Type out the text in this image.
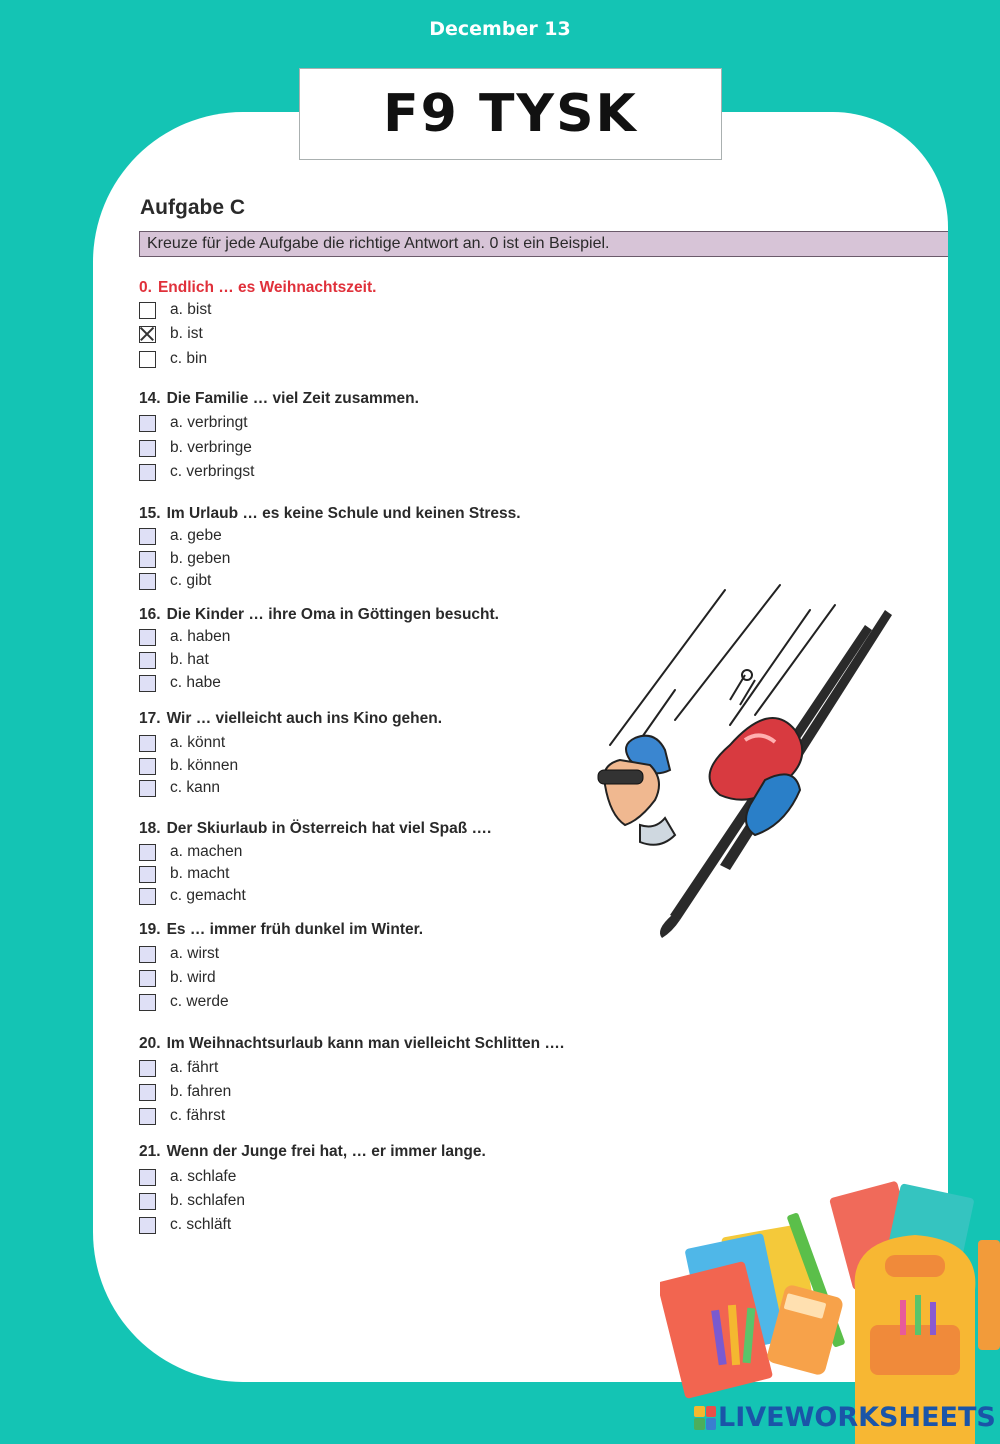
December 13
F9 TYSK
Aufgabe C
Kreuze für jede Aufgabe die richtige Antwort an. 0 ist ein Beispiel.
0. Endlich … es Weihnachtszeit.
a. bist
b. ist
c. bin
14. Die Familie … viel Zeit zusammen.
a. verbringt
b. verbringe
c. verbringst
15. Im Urlaub … es keine Schule und keinen Stress.
a. gebe
b. geben
c. gibt
16. Die Kinder … ihre Oma in Göttingen besucht.
a. haben
b. hat
c. habe
17. Wir … vielleicht auch ins Kino gehen.
a. könnt
b. können
c. kann
18. Der Skiurlaub in Österreich hat viel Spaß ….
a. machen
b. macht
c. gemacht
19. Es … immer früh dunkel im Winter.
a. wirst
b. wird
c. werde
20. Im Weihnachtsurlaub kann man vielleicht Schlitten ….
a. fährt
b. fahren
c. fährst
21. Wenn der Junge frei hat, … er immer lange.
a. schlafe
b. schlafen
c. schläft
LIVEWORKSHEETS
